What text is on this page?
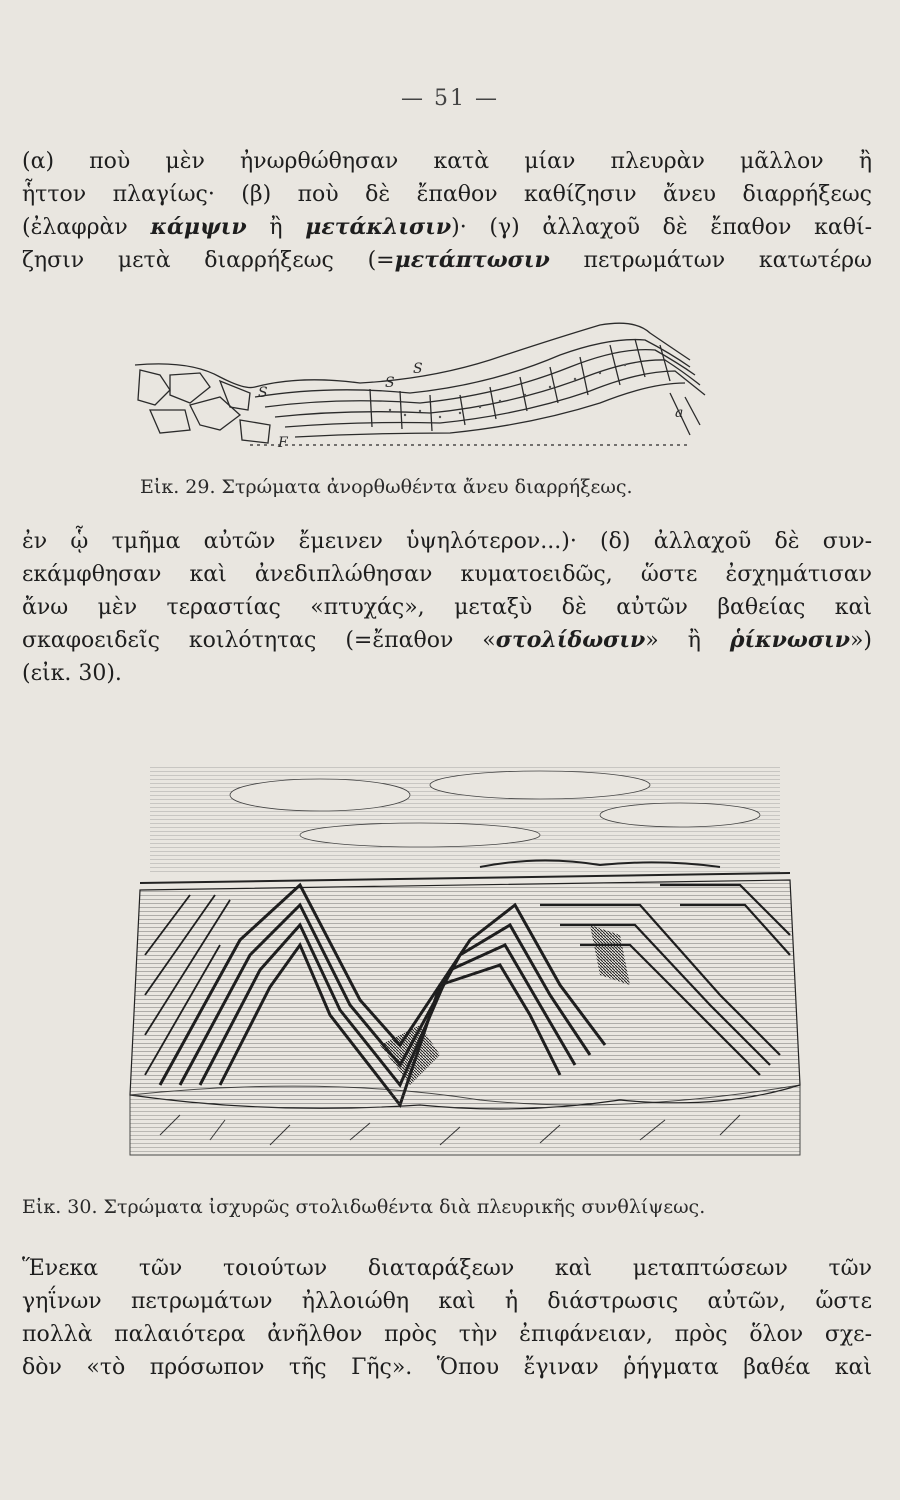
— 51 —

(α) ποὺ μὲν ἠνωρθώθησαν κατὰ μίαν πλευρὰν μᾶλλον ἢ
ἧττον πλαγίως· (β) ποὺ δὲ ἔπαθον καθίζησιν ἄνευ διαρρήξεως
(ἐλαφρὰν κάμψιν ἢ μετάκλισιν)· (γ) ἀλλαχοῦ δὲ ἔπαθον καθί-
ζησιν μετὰ διαρρήξεως (=μετάπτωσιν πετρωμάτων κατωτέρω

S
S
S
a
F
Εἰκ. 29. Στρώματα ἀνορθωθέντα ἄνευ διαρρήξεως.

ἐν ᾧ τμῆμα αὐτῶν ἔμεινεν ὑψηλότερον...)· (δ) ἀλλαχοῦ δὲ συν-
εκάμφθησαν καὶ ἀνεδιπλώθησαν κυματοειδῶς, ὥστε ἐσχημάτισαν
ἄνω μὲν τεραστίας «πτυχάς», μεταξὺ δὲ αὐτῶν βαθείας καὶ
σκαφοειδεῖς κοιλότητας (=ἔπαθον «στολίδωσιν» ἢ ῥίκνωσιν»)
(εἰκ. 30).

Εἰκ. 30. Στρώματα ἰσχυρῶς στολιδωθέντα διὰ πλευρικῆς συνθλίψεως.

Ἕνεκα τῶν τοιούτων διαταράξεων καὶ μεταπτώσεων τῶν
γηΐνων πετρωμάτων ἠλλοιώθη καὶ ἡ διάστρωσις αὐτῶν, ὥστε
πολλὰ παλαιότερα ἀνῆλθον πρὸς τὴν ἐπιφάνειαν, πρὸς ὅλον σχε-
δὸν «τὸ πρόσωπον τῆς Γῆς». Ὅπου ἔγιναν ῥήγματα βαθέα καὶ
